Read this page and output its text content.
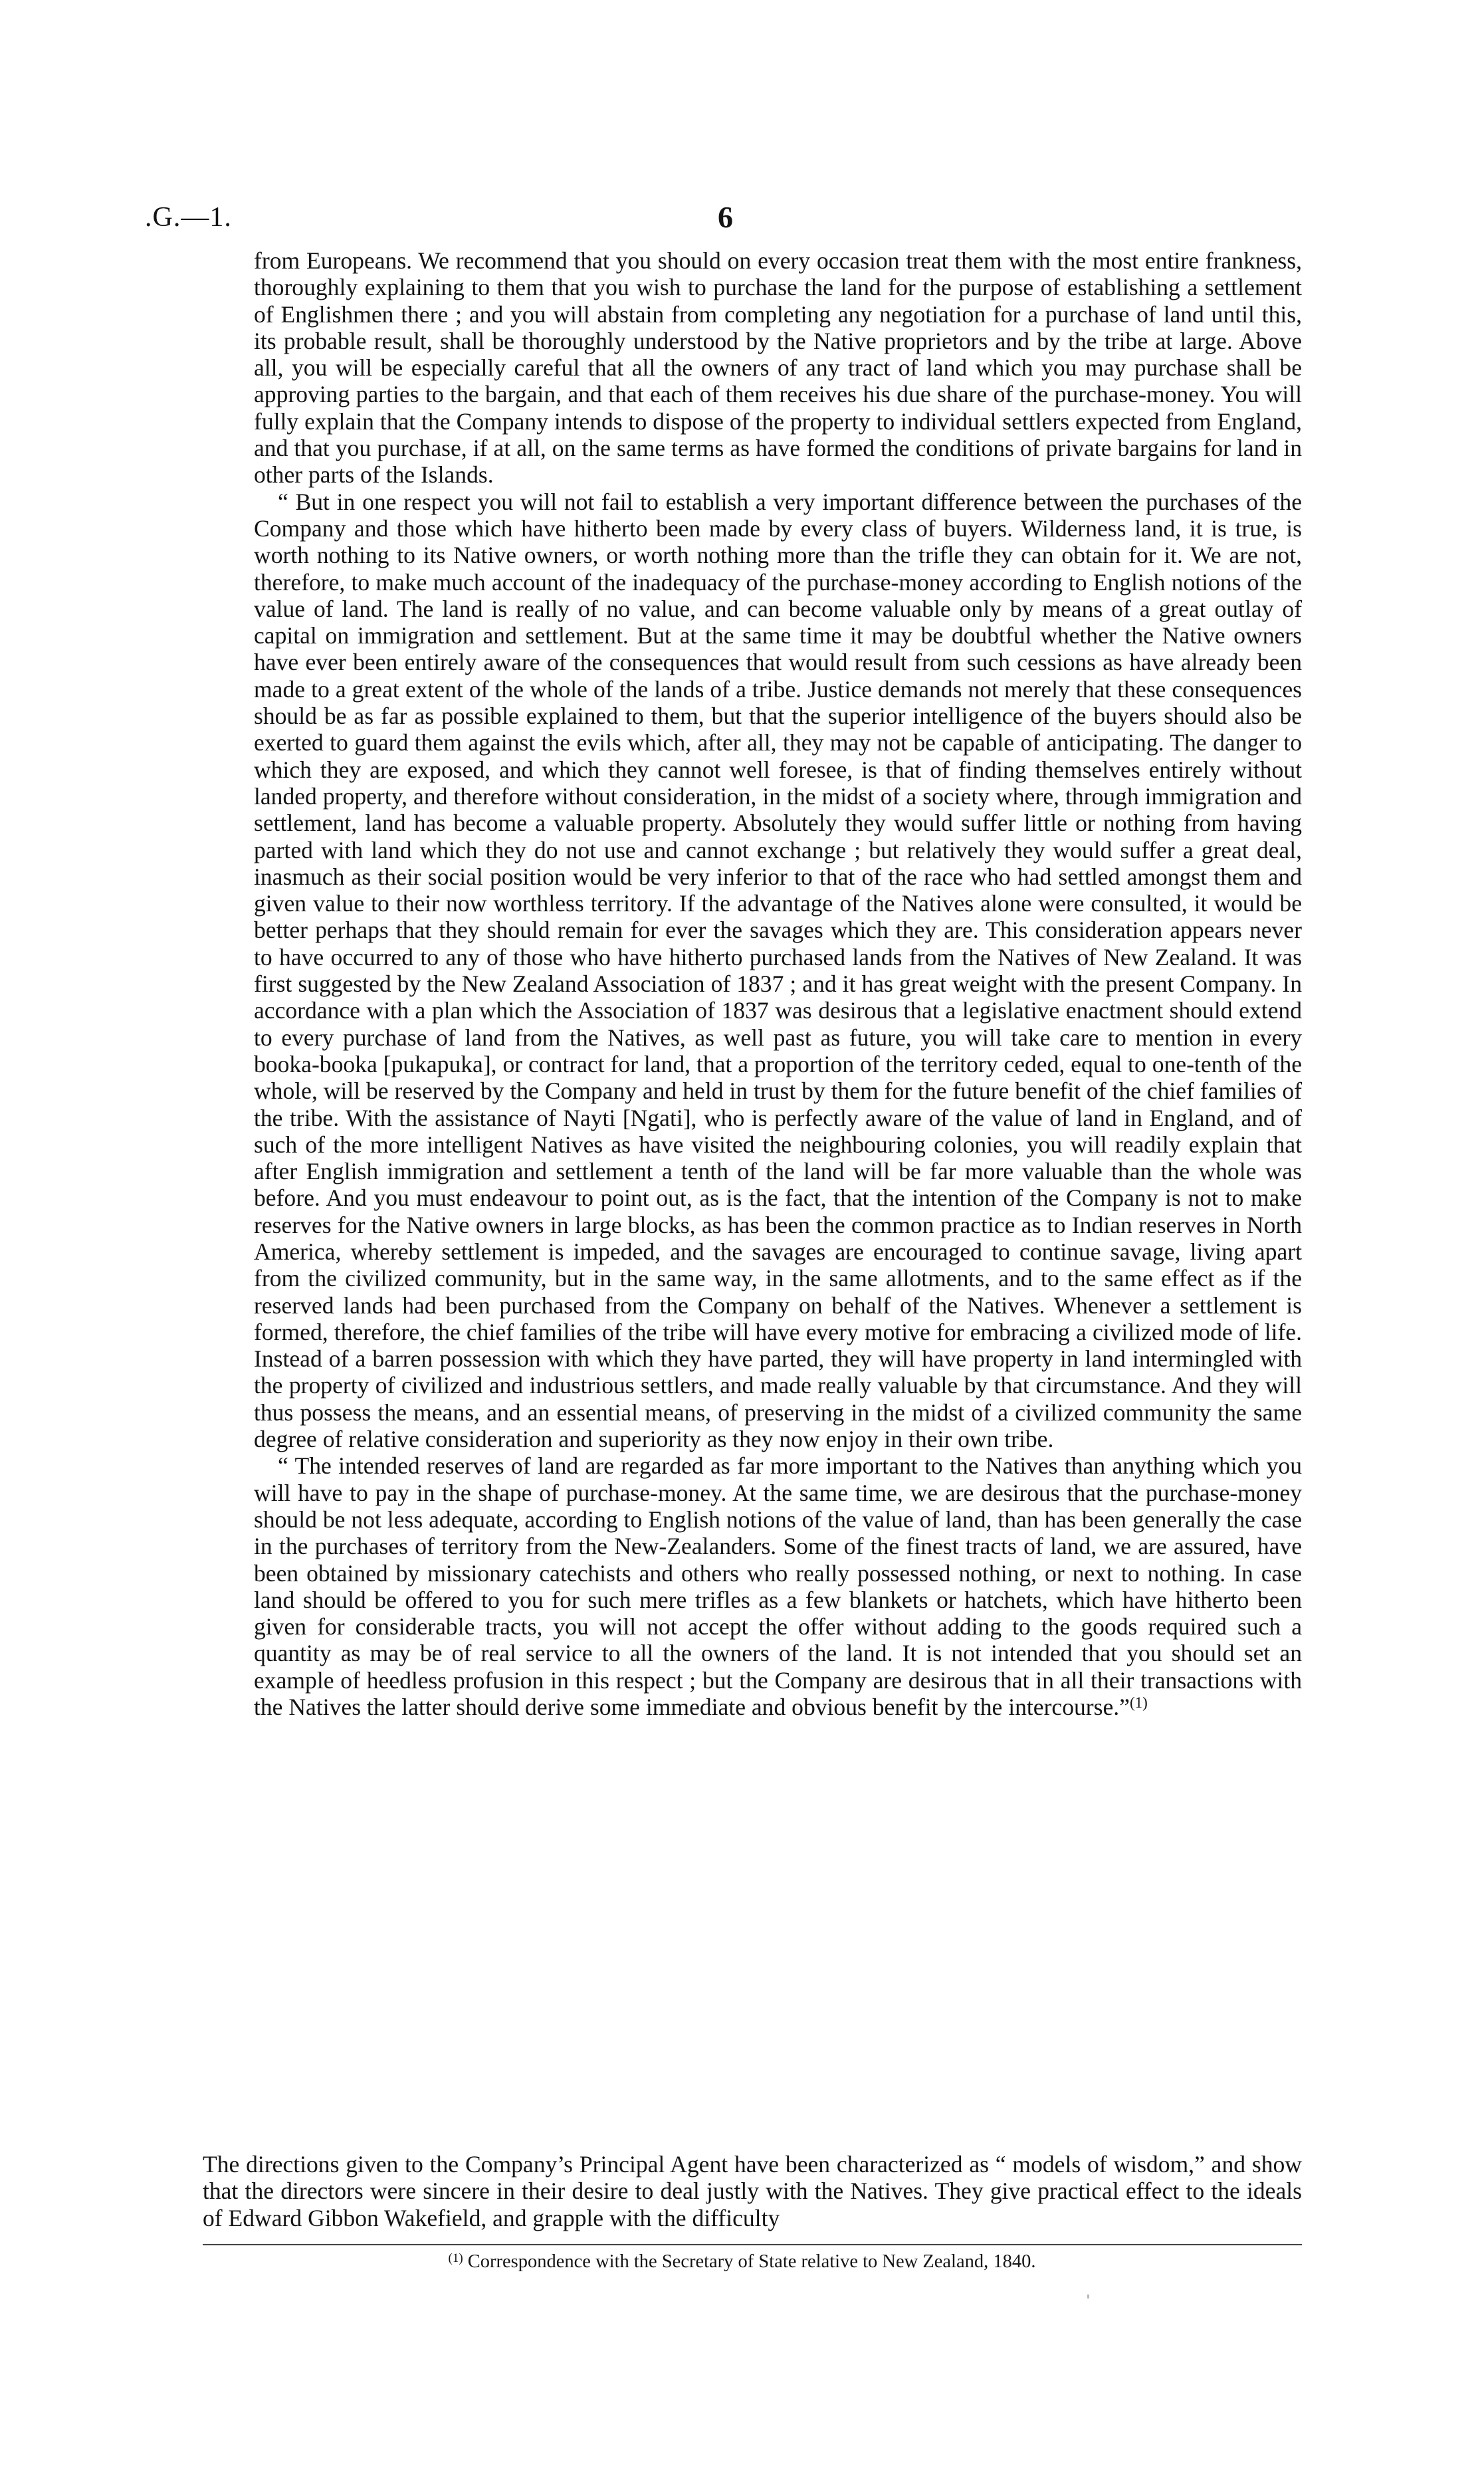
.G.—1.	6

from Europeans. We recommend that you should on every occasion treat them with the most entire frankness, thoroughly explaining to them that you wish to purchase the land for the purpose of establishing a settlement of Englishmen there ; and you will abstain from completing any negotiation for a purchase of land until this, its probable result, shall be thoroughly understood by the Native proprietors and by the tribe at large. Above all, you will be especially careful that all the owners of any tract of land which you may purchase shall be approving parties to the bargain, and that each of them receives his due share of the purchase-money. You will fully explain that the Company intends to dispose of the property to individual settlers expected from England, and that you purchase, if at all, on the same terms as have formed the conditions of private bargains for land in other parts of the Islands.

“ But in one respect you will not fail to establish a very important difference between the purchases of the Company and those which have hitherto been made by every class of buyers. Wilderness land, it is true, is worth nothing to its Native owners, or worth nothing more than the trifle they can obtain for it. We are not, therefore, to make much account of the inadequacy of the purchase-money according to English notions of the value of land. The land is really of no value, and can become valuable only by means of a great outlay of capital on immigration and settlement. But at the same time it may be doubtful whether the Native owners have ever been entirely aware of the consequences that would result from such cessions as have already been made to a great extent of the whole of the lands of a tribe. Justice demands not merely that these consequences should be as far as possible explained to them, but that the superior intelligence of the buyers should also be exerted to guard them against the evils which, after all, they may not be capable of anticipating. The danger to which they are exposed, and which they cannot well foresee, is that of finding themselves entirely without landed property, and therefore without consideration, in the midst of a society where, through immigration and settlement, land has become a valuable property. Absolutely they would suffer little or nothing from having parted with land which they do not use and cannot exchange ; but relatively they would suffer a great deal, inasmuch as their social position would be very inferior to that of the race who had settled amongst them and given value to their now worthless territory. If the advantage of the Natives alone were consulted, it would be better perhaps that they should remain for ever the savages which they are. This consideration appears never to have occurred to any of those who have hitherto purchased lands from the Natives of New Zealand. It was first suggested by the New Zealand Association of 1837 ; and it has great weight with the present Company. In accordance with a plan which the Association of 1837 was desirous that a legislative enactment should extend to every purchase of land from the Natives, as well past as future, you will take care to mention in every booka-booka [pukapuka], or contract for land, that a proportion of the territory ceded, equal to one-tenth of the whole, will be reserved by the Company and held in trust by them for the future benefit of the chief families of the tribe. With the assistance of Nayti [Ngati], who is perfectly aware of the value of land in England, and of such of the more intelligent Natives as have visited the neighbouring colonies, you will readily explain that after English immigration and settlement a tenth of the land will be far more valuable than the whole was before. And you must endeavour to point out, as is the fact, that the intention of the Company is not to make reserves for the Native owners in large blocks, as has been the common practice as to Indian reserves in North America, whereby settlement is impeded, and the savages are encouraged to continue savage, living apart from the civilized community, but in the same way, in the same allotments, and to the same effect as if the reserved lands had been purchased from the Company on behalf of the Natives. Whenever a settlement is formed, therefore, the chief families of the tribe will have every motive for embracing a civilized mode of life. Instead of a barren possession with which they have parted, they will have property in land intermingled with the property of civilized and industrious settlers, and made really valuable by that circumstance. And they will thus possess the means, and an essential means, of preserving in the midst of a civilized community the same degree of relative consideration and superiority as they now enjoy in their own tribe.

“ The intended reserves of land are regarded as far more important to the Natives than anything which you will have to pay in the shape of purchase-money. At the same time, we are desirous that the purchase-money should be not less adequate, according to English notions of the value of land, than has been generally the case in the purchases of territory from the New-Zealanders. Some of the finest tracts of land, we are assured, have been obtained by missionary catechists and others who really possessed nothing, or next to nothing. In case land should be offered to you for such mere trifles as a few blankets or hatchets, which have hitherto been given for considerable tracts, you will not accept the offer without adding to the goods required such a quantity as may be of real service to all the owners of the land. It is not intended that you should set an example of heedless profusion in this respect ; but the Company are desirous that in all their transactions with the Natives the latter should derive some immediate and obvious benefit by the intercourse.”$^{(1)}$

The directions given to the Company’s Principal Agent have been characterized as “ models of wisdom,” and show that the directors were sincere in their desire to deal justly with the Natives. They give practical effect to the ideals of Edward Gibbon Wakefield, and grapple with the difficulty

$^{(1)}$ Correspondence with the Secretary of State relative to New Zealand, 1840.
